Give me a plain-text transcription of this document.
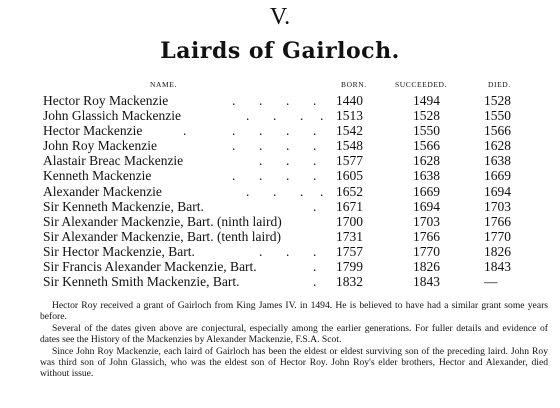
V.
Lairds of Gairloch.
NAME.	BORN.	SUCCEEDED.	DIED.
Hector Roy Mackenzie	. . . . 1440	1494	1528
John Glassich Mackenzie	. . . . 1513	1528	1550
Hector Mackenzie	.	. . . . 1542	1550	1566
John Roy Mackenzie	. . . . 1548	1566	1628
Alastair Breac Mackenzie	. . . 1577	1628	1638
Kenneth Mackenzie	. . . . 1605	1638	1669
Alexander Mackenzie	. . . . 1652	1669	1694
Sir Kenneth Mackenzie, Bart.	. 1671	1694	1703
Sir Alexander Mackenzie, Bart. (ninth laird)	1700	1703	1766
Sir Alexander Mackenzie, Bart. (tenth laird)	1731	1766	1770
Sir Hector Mackenzie, Bart.	. . . 1757	1770	1826
Sir Francis Alexander Mackenzie, Bart.	. 1799	1826	1843
Sir Kenneth Smith Mackenzie, Bart.	. 1832	1843	—

Hector Roy received a grant of Gairloch from King James IV. in 1494. He is believed to have had a similar grant some years before.

Several of the dates given above are conjectural, especially among the earlier generations. For fuller details and evidence of dates see the History of the Mackenzies by Alexander Mackenzie, F.S.A. Scot.

Since John Roy Mackenzie, each laird of Gairloch has been the eldest or eldest surviving son of the preceding laird. John Roy was third son of John Glassich, who was the eldest son of Hector Roy. John Roy's elder brothers, Hector and Alexander, died without issue.
